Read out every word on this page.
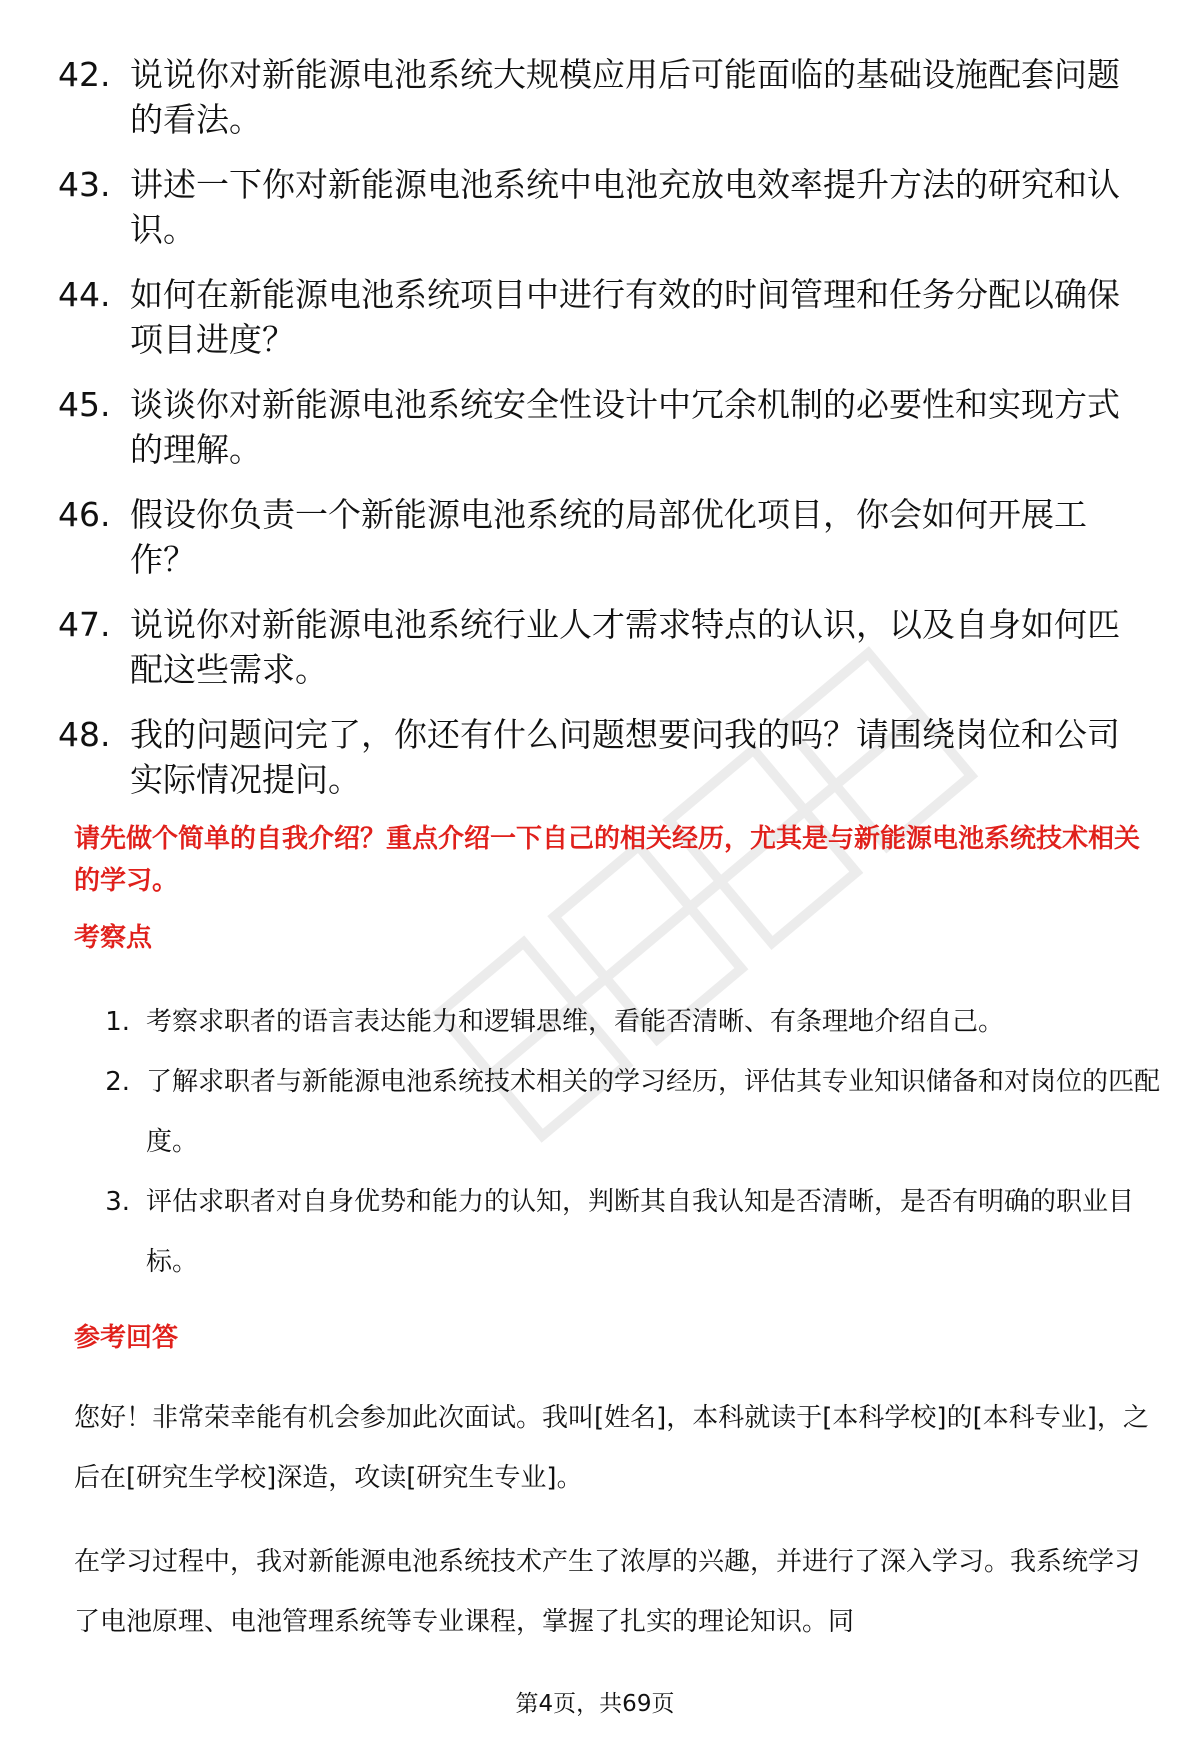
42. 说说你对新能源电池系统大规模应用后可能面临的基础设施配套问题的看法。
43. 讲述一下你对新能源电池系统中电池充放电效率提升方法的研究和认识。
44. 如何在新能源电池系统项目中进行有效的时间管理和任务分配以确保项目进度？
45. 谈谈你对新能源电池系统安全性设计中冗余机制的必要性和实现方式的理解。
46. 假设你负责一个新能源电池系统的局部优化项目，你会如何开展工作？
47. 说说你对新能源电池系统行业人才需求特点的认识，以及自身如何匹配这些需求。
48. 我的问题问完了，你还有什么问题想要问我的吗？请围绕岗位和公司实际情况提问。
请先做个简单的自我介绍？重点介绍一下自己的相关经历，尤其是与新能源电池系统技术相关的学习。
考察点
1. 考察求职者的语言表达能力和逻辑思维，看能否清晰、有条理地介绍自己。
2. 了解求职者与新能源电池系统技术相关的学习经历，评估其专业知识储备和对岗位的匹配度。
3. 评估求职者对自身优势和能力的认知，判断其自我认知是否清晰，是否有明确的职业目标。
参考回答
您好！非常荣幸能有机会参加此次面试。我叫[姓名]，本科就读于[本科学校]的[本科专业]，之后在[研究生学校]深造，攻读[研究生专业]。
在学习过程中，我对新能源电池系统技术产生了浓厚的兴趣，并进行了深入学习。我系统学习了电池原理、电池管理系统等专业课程，掌握了扎实的理论知识。同
第4页，共69页
